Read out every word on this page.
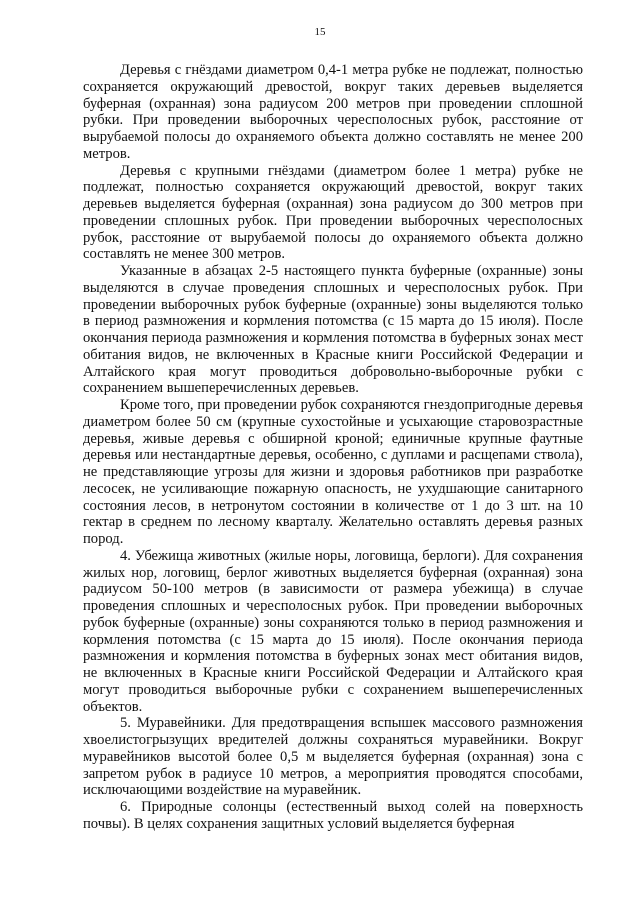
15

Деревья с гнёздами диаметром 0,4-1 метра рубке не подлежат, полностью сохраняется окружающий древостой, вокруг таких деревьев выделяется буферная (охранная) зона радиусом 200 метров при проведении сплошной рубки. При проведении выборочных чересполосных рубок, расстояние от вырубаемой полосы до охраняемого объекта должно составлять не менее 200 метров.

Деревья с крупными гнёздами (диаметром более 1 метра) рубке не подлежат, полностью сохраняется окружающий древостой, вокруг таких деревьев выделяется буферная (охранная) зона радиусом до 300 метров при проведении сплошных рубок. При проведении выборочных чересполосных рубок, расстояние от вырубаемой полосы до охраняемого объекта должно составлять не менее 300 метров.

Указанные в абзацах 2-5 настоящего пункта буферные (охранные) зоны выделяются в случае проведения сплошных и чересполосных рубок. При проведении выборочных рубок буферные (охранные) зоны выделяются только в период размножения и кормления потомства (с 15 марта до 15 июля). После окончания периода размножения и кормления потомства в буферных зонах мест обитания видов, не включенных в Красные книги Российской Федерации и Алтайского края могут проводиться добровольно-выборочные рубки с сохранением вышеперечисленных деревьев.

Кроме того, при проведении рубок сохраняются гнездопригодные деревья диаметром более 50 см (крупные сухостойные и усыхающие старовозрастные деревья, живые деревья с обширной кроной; единичные крупные фаутные деревья или нестандартные деревья, особенно, с дуплами и расщепами ствола), не представляющие угрозы для жизни и здоровья работников при разработке лесосек, не усиливающие пожарную опасность, не ухудшающие санитарного состояния лесов, в нетронутом состоянии в количестве от 1 до 3 шт. на 10 гектар в среднем по лесному кварталу. Желательно оставлять деревья разных пород.

4. Убежища животных (жилые норы, логовища, берлоги). Для сохранения жилых нор, логовищ, берлог животных выделяется буферная (охранная) зона радиусом 50-100 метров (в зависимости от размера убежища) в случае проведения сплошных и чересполосных рубок. При проведении выборочных рубок буферные (охранные) зоны сохраняются только в период размножения и кормления потомства (с 15 марта до 15 июля). После окончания периода размножения и кормления потомства в буферных зонах мест обитания видов, не включенных в Красные книги Российской Федерации и Алтайского края могут проводиться выборочные рубки с сохранением вышеперечисленных объектов.

5. Муравейники. Для предотвращения вспышек массового размножения хвоелистогрызущих вредителей должны сохраняться муравейники. Вокруг муравейников высотой более 0,5 м выделяется буферная (охранная) зона с запретом рубок в радиусе 10 метров, а мероприятия проводятся способами, исключающими воздействие на муравейник.

6. Природные солонцы (естественный выход солей на поверхность почвы). В целях сохранения защитных условий выделяется буферная
